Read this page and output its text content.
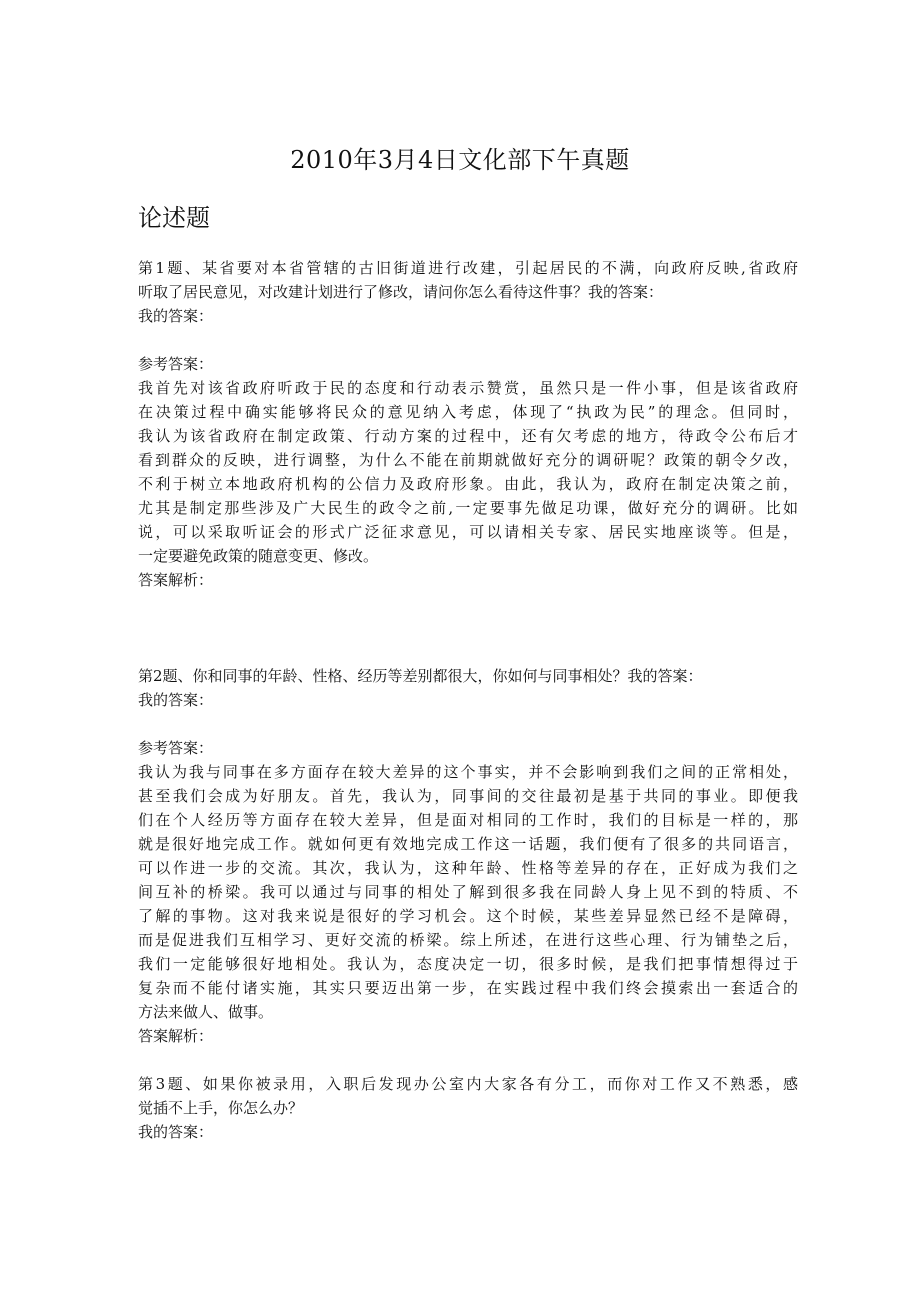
2010年3月4日文化部下午真题
论述题
第1题、某省要对本省管辖的古旧街道进行改建，引起居民的不满，向政府反映,省政府
听取了居民意见，对改建计划进行了修改，请问你怎么看待这件事？我的答案：
我的答案：
参考答案：
我首先对该省政府听政于民的态度和行动表示赞赏，虽然只是一件小事，但是该省政府
在决策过程中确实能够将民众的意见纳入考虑，体现了“执政为民”的理念。但同时，
我认为该省政府在制定政策、行动方案的过程中，还有欠考虑的地方，待政令公布后才
看到群众的反映，进行调整，为什么不能在前期就做好充分的调研呢？政策的朝令夕改，
不利于树立本地政府机构的公信力及政府形象。由此，我认为，政府在制定决策之前，
尤其是制定那些涉及广大民生的政令之前,一定要事先做足功课，做好充分的调研。比如
说，可以采取听证会的形式广泛征求意见，可以请相关专家、居民实地座谈等。但是，
一定要避免政策的随意变更、修改。
答案解析：
第2题、你和同事的年龄、性格、经历等差别都很大，你如何与同事相处？我的答案：
我的答案：
参考答案：
我认为我与同事在多方面存在较大差异的这个事实，并不会影响到我们之间的正常相处，
甚至我们会成为好朋友。首先，我认为，同事间的交往最初是基于共同的事业。即便我
们在个人经历等方面存在较大差异，但是面对相同的工作时，我们的目标是一样的，那
就是很好地完成工作。就如何更有效地完成工作这一话题，我们便有了很多的共同语言，
可以作进一步的交流。其次，我认为，这种年龄、性格等差异的存在，正好成为我们之
间互补的桥梁。我可以通过与同事的相处了解到很多我在同龄人身上见不到的特质、不
了解的事物。这对我来说是很好的学习机会。这个时候，某些差异显然已经不是障碍，
而是促进我们互相学习、更好交流的桥梁。综上所述，在进行这些心理、行为铺垫之后，
我们一定能够很好地相处。我认为，态度决定一切，很多时候，是我们把事情想得过于
复杂而不能付诸实施，其实只要迈出第一步，在实践过程中我们终会摸索出一套适合的
方法来做人、做事。
答案解析：
第3题、如果你被录用，入职后发现办公室内大家各有分工，而你对工作又不熟悉，感
觉插不上手，你怎么办？
我的答案：
